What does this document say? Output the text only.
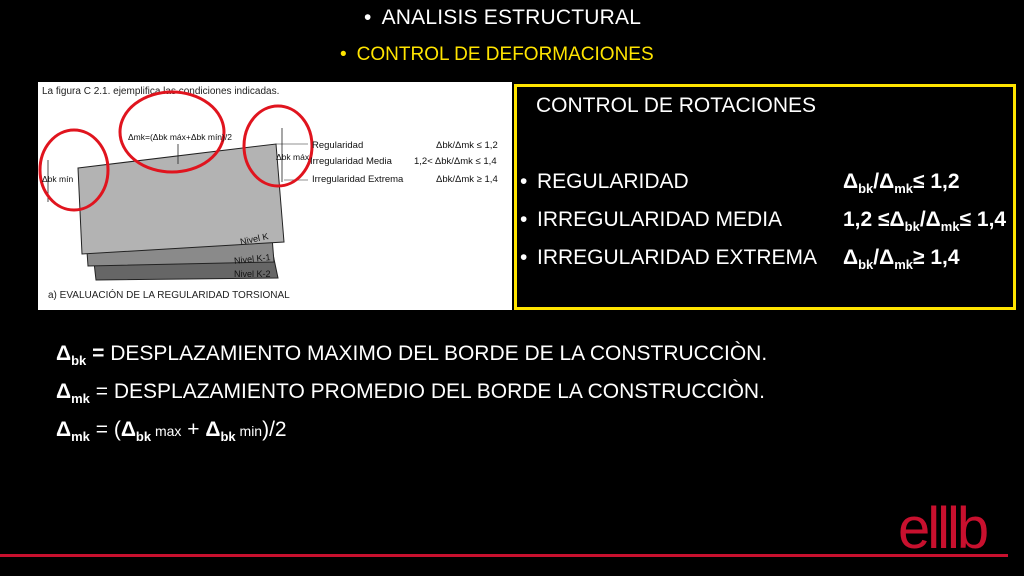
• ANALISIS ESTRUCTURAL
• CONTROL DE DEFORMACIONES
La figura C 2.1. ejemplifica las condiciones indicadas.
Δmk=(Δbk máx+Δbk mín)/2
Δbk mín
Δbk máx
Nivel K
Nivel K-1
Nivel K-2
Regularidad	Δbk/Δmk ≤ 1,2
Irregularidad Media 1,2< Δbk/Δmk ≤ 1,4
Irregularidad Extrema	Δbk/Δmk ≥ 1,4
a) EVALUACIÓN DE LA REGULARIDAD TORSIONAL
CONTROL DE ROTACIONES
• REGULARIDAD	$\Delta_{bk}/\Delta_{mk}\le 1,2$
• IRREGULARIDAD MEDIA	$1,2 \le\Delta_{bk}/\Delta_{mk}\le 1,4$
• IRREGULARIDAD EXTREMA $\Delta_{bk}/\Delta_{mk}\ge 1,4$
$\Delta_{bk}$ = DESPLAZAMIENTO MAXIMO DEL BORDE DE LA CONSTRUCCIÒN.
$\Delta_{mk}$ = DESPLAZAMIENTO PROMEDIO DEL BORDE LA CONSTRUCCIÒN.
$\Delta_{mk} = (\Delta_{bk}$ $\max + \Delta_{bk}$ min)/2
elllb
